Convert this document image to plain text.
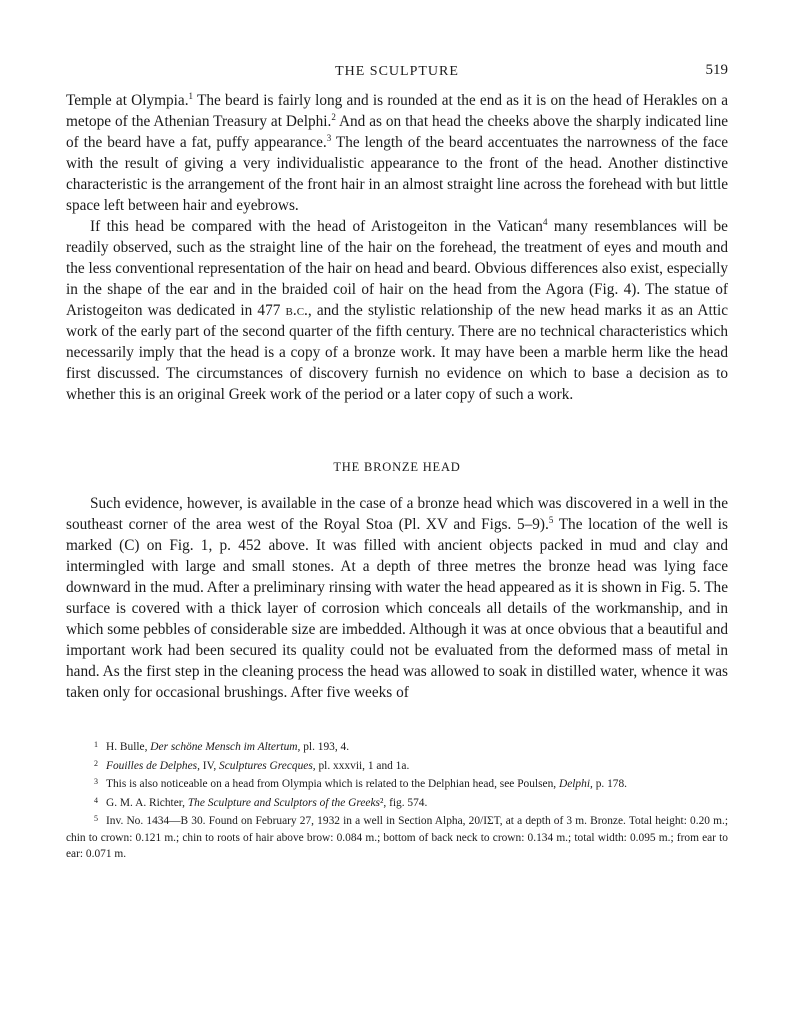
THE SCULPTURE	519

Temple at Olympia.$^1$ The beard is fairly long and is rounded at the end as it is on the head of Herakles on a metope of the Athenian Treasury at Delphi.$^2$ And as on that head the cheeks above the sharply indicated line of the beard have a fat, puffy appearance.$^3$ The length of the beard accentuates the narrowness of the face with the result of giving a very individualistic appearance to the front of the head. Another distinctive characteristic is the arrangement of the front hair in an almost straight line across the forehead with but little space left between hair and eyebrows.

If this head be compared with the head of Aristogeiton in the Vatican$^4$ many resemblances will be readily observed, such as the straight line of the hair on the forehead, the treatment of eyes and mouth and the less conventional representation of the hair on head and beard. Obvious differences also exist, especially in the shape of the ear and in the braided coil of hair on the head from the Agora (Fig. 4). The statue of Aristogeiton was dedicated in 477 b.c., and the stylistic relationship of the new head marks it as an Attic work of the early part of the second quarter of the fifth century. There are no technical characteristics which necessarily imply that the head is a copy of a bronze work. It may have been a marble herm like the head first discussed. The circumstances of discovery furnish no evidence on which to base a decision as to whether this is an original Greek work of the period or a later copy of such a work.

THE BRONZE HEAD

Such evidence, however, is available in the case of a bronze head which was discovered in a well in the southeast corner of the area west of the Royal Stoa (Pl. XV and Figs. 5–9).$^5$ The location of the well is marked (C) on Fig. 1, p. 452 above. It was filled with ancient objects packed in mud and clay and intermingled with large and small stones. At a depth of three metres the bronze head was lying face downward in the mud. After a preliminary rinsing with water the head appeared as it is shown in Fig. 5. The surface is covered with a thick layer of corrosion which conceals all details of the workmanship, and in which some pebbles of considerable size are imbedded. Although it was at once obvious that a beautiful and important work had been secured its quality could not be evaluated from the deformed mass of metal in hand. As the first step in the cleaning process the head was allowed to soak in distilled water, whence it was taken only for occasional brushings. After five weeks of

1 H. Bulle, Der schöne Mensch im Altertum, pl. 193, 4.

2 Fouilles de Delphes, IV, Sculptures Grecques, pl. xxxvii, 1 and 1a.

3 This is also noticeable on a head from Olympia which is related to the Delphian head, see Poulsen, Delphi, p. 178.

4 G. M. A. Richter, The Sculpture and Sculptors of the Greeks², fig. 574.

5 Inv. No. 1434—B 30. Found on February 27, 1932 in a well in Section Alpha, 20/ΙΣΤ, at a depth of 3 m. Bronze. Total height: 0.20 m.; chin to crown: 0.121 m.; chin to roots of hair above brow: 0.084 m.; bottom of back neck to crown: 0.134 m.; total width: 0.095 m.; from ear to ear: 0.071 m.
